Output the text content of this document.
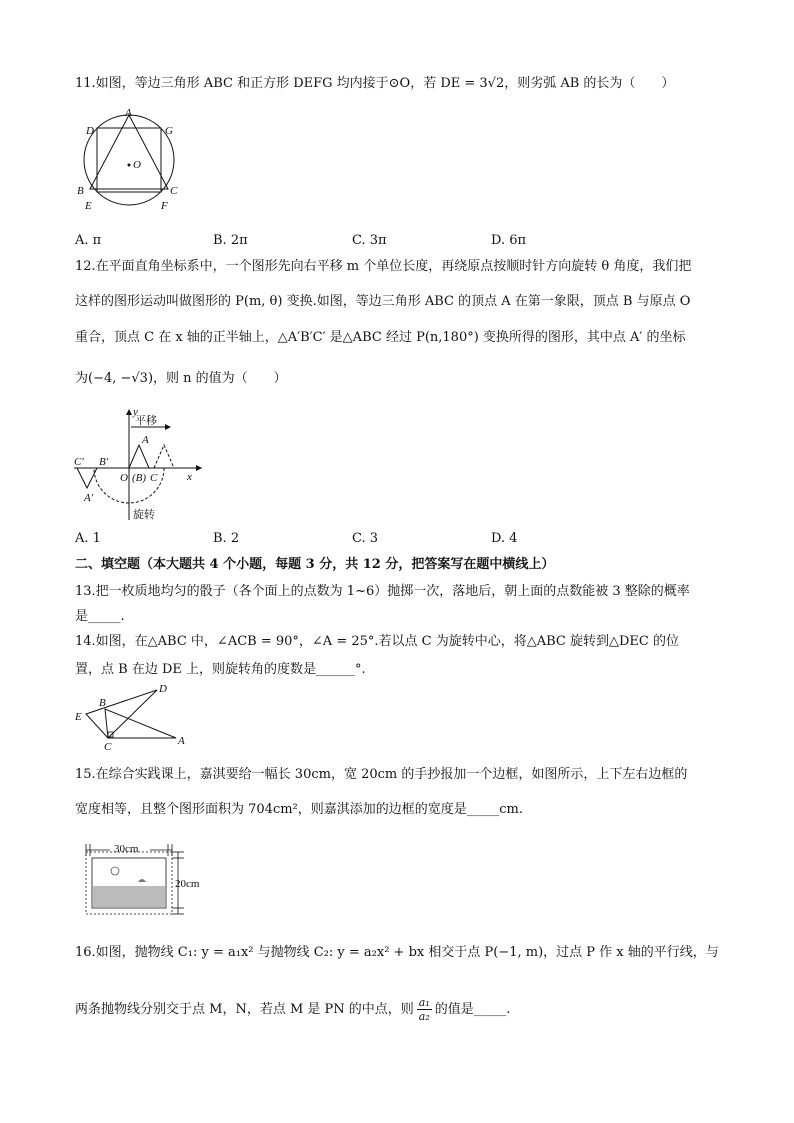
11.如图，等边三角形 ABC 和正方形 DEFG 均内接于⊙O，若 DE = 3√2，则劣弧 AB 的长为（　　）
A
D	G
O
B	C
E	F
A. π	B. 2π	C. 3π	D. 6π
12.在平面直角坐标系中，一个图形先向右平移 m 个单位长度，再绕原点按顺时针方向旋转 θ 角度，我们把
这样的图形运动叫做图形的 P(m, θ) 变换.如图，等边三角形 ABC 的顶点 A 在第一象限，顶点 B 与原点 O
重合，顶点 C 在 x 轴的正半轴上，△A′B′C′ 是△ABC 经过 P(n,180°) 变换所得的图形，其中点 A′ 的坐标
为(−4, −√3)，则 n 的值为（　　）
y
x
平移
A
C′ B′
A′
O (B) C
旋转
A. 1	B. 2	C. 3	D. 4
二、填空题（本大题共 4 个小题，每题 3 分，共 12 分，把答案写在题中横线上）
13.把一枚质地均匀的骰子（各个面上的点数为 1~6）抛掷一次，落地后，朝上面的点数能被 3 整除的概率
是_____.
14.如图，在△ABC 中，∠ACB = 90°，∠A = 25°.若以点 C 为旋转中心，将△ABC 旋转到△DEC 的位
置，点 B 在边 DE 上，则旋转角的度数是______°.
D
E
B
C	A
15.在综合实践课上，嘉淇要给一幅长 30cm，宽 20cm 的手抄报加一个边框，如图所示，上下左右边框的
宽度相等，且整个图形面积为 704cm²，则嘉淇添加的边框的宽度是_____cm.
30cm
20cm
16.如图，抛物线 C₁: y = a₁x² 与抛物线 C₂: y = a₂x² + bx 相交于点 P(−1, m)，过点 P 作 x 轴的平行线，与
两条抛物线分别交于点 M，N，若点 M 是 PN 的中点，则 $\frac{\text{a₁}}{\text{a₂}}$ 的值是_____.
